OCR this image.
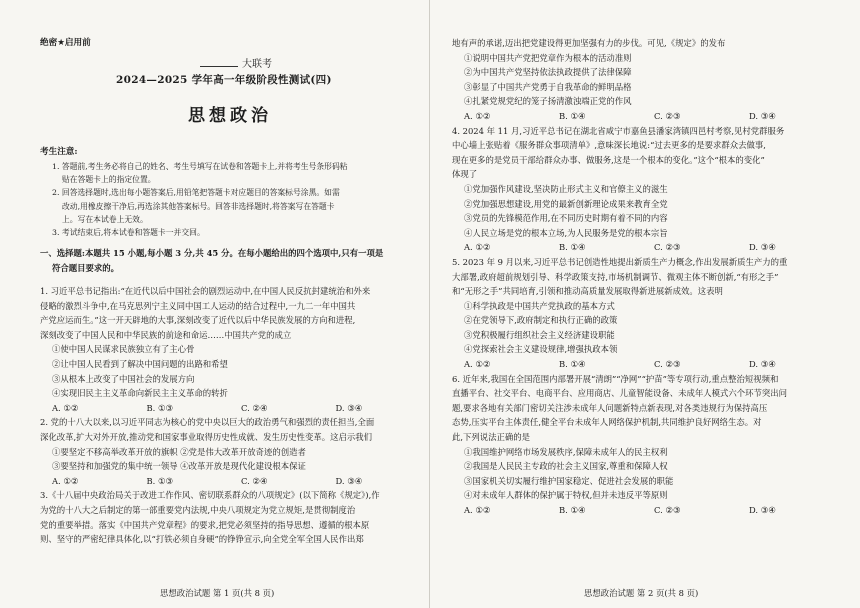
绝密★启用前
大联考
2024—2025 学年高一年级阶段性测试(四)
思想政治
考生注意:
1. 答题前,考生务必将自己的姓名、考生号填写在试卷和答题卡上,并将考生号条形码粘
贴在答题卡上的指定位置。
2. 回答选择题时,选出每小题答案后,用铅笔把答题卡对应题目的答案标号涂黑。如需
改动,用橡皮擦干净后,再选涂其他答案标号。回答非选择题时,将答案写在答题卡
上。写在本试卷上无效。
3. 考试结束后,将本试卷和答题卡一并交回。
一、选择题:本题共 15 小题,每小题 3 分,共 45 分。在每小题给出的四个选项中,只有一项是
符合题目要求的。
1. 习近平总书记指出:“在近代以后中国社会的剧烈运动中,在中国人民反抗封建统治和外来
侵略的激烈斗争中,在马克思列宁主义同中国工人运动的结合过程中,一九二一年中国共
产党应运而生。”这一开天辟地的大事,深刻改变了近代以后中华民族发展的方向和进程,
深刻改变了中国人民和中华民族的前途和命运……中国共产党的成立
①使中国人民谋求民族独立有了主心骨
②让中国人民看到了解决中国问题的出路和希望
③从根本上改变了中国社会的发展方向
④实现旧民主主义革命向新民主主义革命的转折
A. ①②	B. ①③	C. ②④	D. ③④
2. 党的十八大以来,以习近平同志为核心的党中央以巨大的政治勇气和强烈的责任担当,全面
深化改革,扩大对外开放,推动党和国家事业取得历史性成就、发生历史性变革。这启示我们
①要坚定不移高举改革开放的旗帜 ②党是伟大改革开放奇迹的创造者
③要坚持和加强党的集中统一领导 ④改革开放是现代化建设根本保证
A. ①②	B. ①③	C. ②④	D. ③④
3.《十八届中央政治局关于改进工作作风、密切联系群众的八项规定》(以下简称《规定》),作
为党的十八大之后制定的第一部重要党内法规,中央八项规定为党立规矩,是贯彻制度治
党的重要举措。落实《中国共产党章程》的要求,把党必须坚持的指导思想、遵循的根本原
则、坚守的严密纪律具体化,以“打铁必须自身硬”的铮铮宣示,向全党全军全国人民作出郑
地有声的承诺,迈出把党建设得更加坚强有力的步伐。可见,《规定》的发布
①说明中国共产党把党章作为根本的活动准则
②为中国共产党坚持依法执政提供了法律保障
③彰显了中国共产党勇于自我革命的鲜明品格
④扎紧党规党纪的笼子扬清激浊端正党的作风
A. ①②	B. ①④	C. ②③	D. ③④
4. 2024 年 11 月,习近平总书记在湖北省咸宁市嘉鱼县潘家湾镇四邑村考察,见村党群服务
中心墙上张贴着《服务群众事项清单》,意味深长地说:“过去更多的是要求群众去做事,
现在更多的是党员干部给群众办事、做服务,这是一个根本的变化。”这个“根本的变化”
体现了
①党加强作风建设,坚决防止形式主义和官僚主义的滋生
②党加强思想建设,用党的最新创新理论成果来教育全党
③党员的先锋模范作用,在不同历史时期有着不同的内容
④人民立场是党的根本立场,为人民服务是党的根本宗旨
A. ①②	B. ①④	C. ②③	D. ③④
5. 2023 年 9 月以来,习近平总书记创造性地提出新质生产力概念,作出发展新质生产力的重
大部署,政府超前规划引导、科学政策支持,市场机制调节、微观主体不断创新,“有形之手”
和“无形之手”共同培育,引领和推动高质量发展取得新进展新成效。这表明
①科学执政是中国共产党执政的基本方式
②在党领导下,政府制定和执行正确的政策
③党积极履行组织社会主义经济建设职能
④党探索社会主义建设规律,增强执政本领
A. ①②	B. ①④	C. ②③	D. ③④
6. 近年来,我国在全国范围内部署开展“清朗”“净网”“护苗”等专项行动,重点整治短视频和
直播平台、社交平台、电商平台、应用商店、儿童智能设备、未成年人模式六个环节突出问
题,要求各地有关部门密切关注涉未成年人问题新特点新表现,对各类违规行为保持高压
态势,压实平台主体责任,健全平台未成年人网络保护机制,共同维护良好网络生态。对
此,下列说法正确的是
①我国维护网络市场发展秩序,保障未成年人的民主权利
②我国是人民民主专政的社会主义国家,尊重和保障人权
③国家机关切实履行维护国家稳定、促进社会发展的职能
④对未成年人群体的保护属于特权,但并未违反平等原则
A. ①②	B. ①④	C. ②③	D. ③④
思想政治试题 第 1 页(共 8 页)	思想政治试题 第 2 页(共 8 页)
